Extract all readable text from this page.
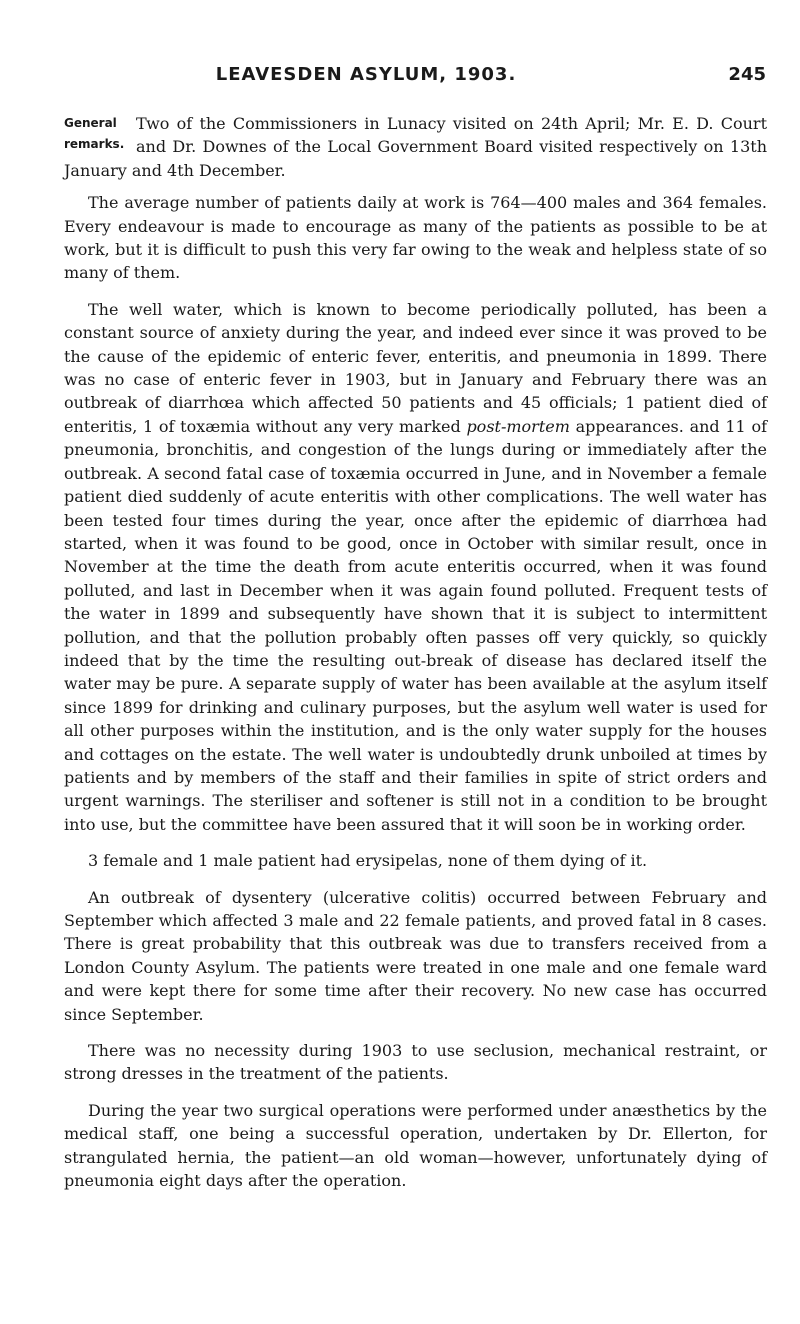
LEAVESDEN ASYLUM, 1903.	245

General
remarks.
Two of the Commissioners in Lunacy visited on 24th April; Mr. E. D. Court and Dr. Downes of the Local Government Board visited respectively on 13th January and 4th December.

The average number of patients daily at work is 764—400 males and 364 females. Every endeavour is made to encourage as many of the patients as possible to be at work, but it is difficult to push this very far owing to the weak and helpless state of so many of them.

The well water, which is known to become periodically polluted, has been a constant source of anxiety during the year, and indeed ever since it was proved to be the cause of the epidemic of enteric fever, enteritis, and pneumonia in 1899. There was no case of enteric fever in 1903, but in January and February there was an outbreak of diarrhœa which affected 50 patients and 45 officials; 1 patient died of enteritis, 1 of toxæmia without any very marked post-mortem appearances. and 11 of pneumonia, bronchitis, and congestion of the lungs during or immediately after the outbreak. A second fatal case of toxæmia occurred in June, and in November a female patient died suddenly of acute enteritis with other complications. The well water has been tested four times during the year, once after the epidemic of diarrhœa had started, when it was found to be good, once in October with similar result, once in November at the time the death from acute enteritis occurred, when it was found polluted, and last in December when it was again found polluted. Frequent tests of the water in 1899 and subsequently have shown that it is subject to intermittent pollution, and that the pollution probably often passes off very quickly, so quickly indeed that by the time the resulting out-break of disease has declared itself the water may be pure. A separate supply of water has been available at the asylum itself since 1899 for drinking and culinary purposes, but the asylum well water is used for all other purposes within the institution, and is the only water supply for the houses and cottages on the estate. The well water is undoubtedly drunk unboiled at times by patients and by members of the staff and their families in spite of strict orders and urgent warnings. The steriliser and softener is still not in a condition to be brought into use, but the committee have been assured that it will soon be in working order.

3 female and 1 male patient had erysipelas, none of them dying of it.

An outbreak of dysentery (ulcerative colitis) occurred between February and September which affected 3 male and 22 female patients, and proved fatal in 8 cases. There is great probability that this outbreak was due to transfers received from a London County Asylum. The patients were treated in one male and one female ward and were kept there for some time after their recovery. No new case has occurred since September.

There was no necessity during 1903 to use seclusion, mechanical restraint, or strong dresses in the treatment of the patients.

During the year two surgical operations were performed under anæsthetics by the medical staff, one being a successful operation, undertaken by Dr. Ellerton, for strangulated hernia, the patient—an old woman—however, unfortunately dying of pneumonia eight days after the operation.
